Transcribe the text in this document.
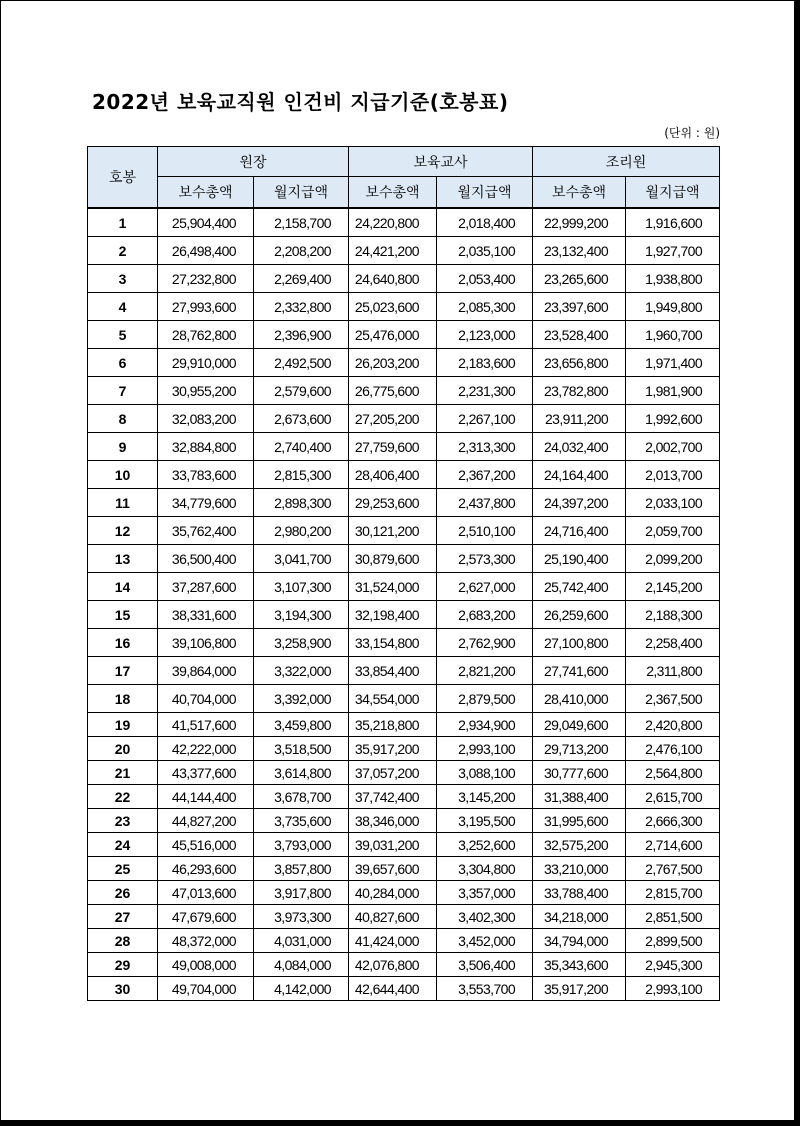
2022년 보육교직원 인건비 지급기준(호봉표)
(단위 : 원)
호봉	원장		보육교사		조리원	
	보수총액	월지급액	보수총액	월지급액	보수총액	월지급액
1	25,904,400	2,158,700	24,220,800	2,018,400	22,999,200	1,916,600
2	26,498,400	2,208,200	24,421,200	2,035,100	23,132,400	1,927,700
3	27,232,800	2,269,400	24,640,800	2,053,400	23,265,600	1,938,800
4	27,993,600	2,332,800	25,023,600	2,085,300	23,397,600	1,949,800
5	28,762,800	2,396,900	25,476,000	2,123,000	23,528,400	1,960,700
6	29,910,000	2,492,500	26,203,200	2,183,600	23,656,800	1,971,400
7	30,955,200	2,579,600	26,775,600	2,231,300	23,782,800	1,981,900
8	32,083,200	2,673,600	27,205,200	2,267,100	23,911,200	1,992,600
9	32,884,800	2,740,400	27,759,600	2,313,300	24,032,400	2,002,700
10	33,783,600	2,815,300	28,406,400	2,367,200	24,164,400	2,013,700
11	34,779,600	2,898,300	29,253,600	2,437,800	24,397,200	2,033,100
12	35,762,400	2,980,200	30,121,200	2,510,100	24,716,400	2,059,700
13	36,500,400	3,041,700	30,879,600	2,573,300	25,190,400	2,099,200
14	37,287,600	3,107,300	31,524,000	2,627,000	25,742,400	2,145,200
15	38,331,600	3,194,300	32,198,400	2,683,200	26,259,600	2,188,300
16	39,106,800	3,258,900	33,154,800	2,762,900	27,100,800	2,258,400
17	39,864,000	3,322,000	33,854,400	2,821,200	27,741,600	2,311,800
18	40,704,000	3,392,000	34,554,000	2,879,500	28,410,000	2,367,500
19	41,517,600	3,459,800	35,218,800	2,934,900	29,049,600	2,420,800
20	42,222,000	3,518,500	35,917,200	2,993,100	29,713,200	2,476,100
21	43,377,600	3,614,800	37,057,200	3,088,100	30,777,600	2,564,800
22	44,144,400	3,678,700	37,742,400	3,145,200	31,388,400	2,615,700
23	44,827,200	3,735,600	38,346,000	3,195,500	31,995,600	2,666,300
24	45,516,000	3,793,000	39,031,200	3,252,600	32,575,200	2,714,600
25	46,293,600	3,857,800	39,657,600	3,304,800	33,210,000	2,767,500
26	47,013,600	3,917,800	40,284,000	3,357,000	33,788,400	2,815,700
27	47,679,600	3,973,300	40,827,600	3,402,300	34,218,000	2,851,500
28	48,372,000	4,031,000	41,424,000	3,452,000	34,794,000	2,899,500
29	49,008,000	4,084,000	42,076,800	3,506,400	35,343,600	2,945,300
30	49,704,000	4,142,000	42,644,400	3,553,700	35,917,200	2,993,100
